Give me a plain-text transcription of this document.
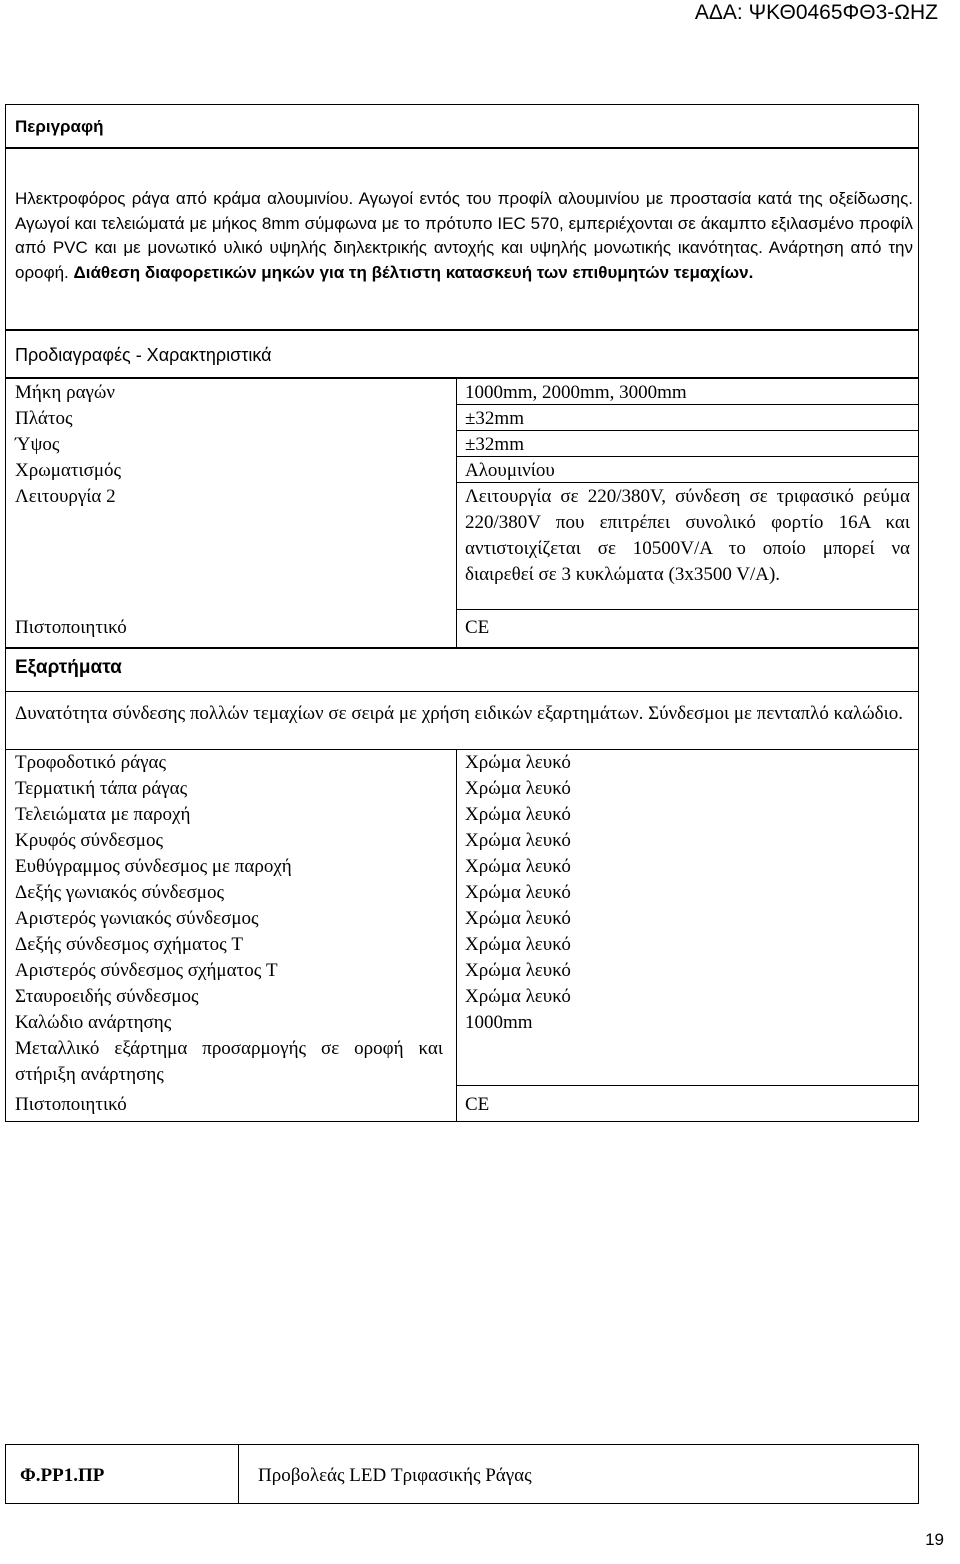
ΑΔΑ: ΨΚΘ0465ΦΘ3-ΩΗΖ
Περιγραφή
Ηλεκτροφόρος ράγα από κράμα αλουμινίου. Αγωγοί εντός του προφίλ αλουμινίου με προστασία κατά της οξείδωσης. Αγωγοί και τελειώματά με μήκος 8mm σύμφωνα με το πρότυπο IEC 570, εμπεριέχονται σε άκαμπτο εξιλασμένο προφίλ από PVC και με μονωτικό υλικό υψηλής διηλεκτρικής αντοχής και υψηλής μονωτικής ικανότητας. Ανάρτηση από την οροφή. Διάθεση διαφορετικών μηκών για τη βέλτιστη κατασκευή των επιθυμητών τεμαχίων.
Προδιαγραφές - Χαρακτηριστικά
Μήκη ραγών
Πλάτος
Ύψος
Χρωματισμός
Λειτουργία 2
Πιστοποιητικό
1000mm, 2000mm, 3000mm
±32mm
±32mm
Αλουμινίου
Λειτουργία σε 220/380V, σύνδεση σε τριφασικό ρεύμα 220/380V που επιτρέπει συνολικό φορτίο 16A και αντιστοιχίζεται σε 10500V/A το οποίο μπορεί να διαιρεθεί σε 3 κυκλώματα (3x3500 V/A).
CE
Εξαρτήματα
Δυνατότητα σύνδεσης πολλών τεμαχίων σε σειρά με χρήση ειδικών εξαρτημάτων. Σύνδεσμοι με πενταπλό καλώδιο.
Τροφοδοτικό ράγας
Τερματική τάπα ράγας
Τελειώματα με παροχή
Κρυφός σύνδεσμος
Ευθύγραμμος σύνδεσμος με παροχή
Δεξής γωνιακός σύνδεσμος
Αριστερός γωνιακός σύνδεσμος
Δεξής σύνδεσμος σχήματος T
Αριστερός σύνδεσμος σχήματος T
Σταυροειδής σύνδεσμος
Καλώδιο ανάρτησης
Μεταλλικό εξάρτημα προσαρμογής σε οροφή και στήριξη ανάρτησης
Πιστοποιητικό
Χρώμα λευκό
Χρώμα λευκό
Χρώμα λευκό
Χρώμα λευκό
Χρώμα λευκό
Χρώμα λευκό
Χρώμα λευκό
Χρώμα λευκό
Χρώμα λευκό
Χρώμα λευκό
1000mm
CE
Φ.PP1.ΠΡ	Προβολεάς LED Τριφασικής Ράγας
19
